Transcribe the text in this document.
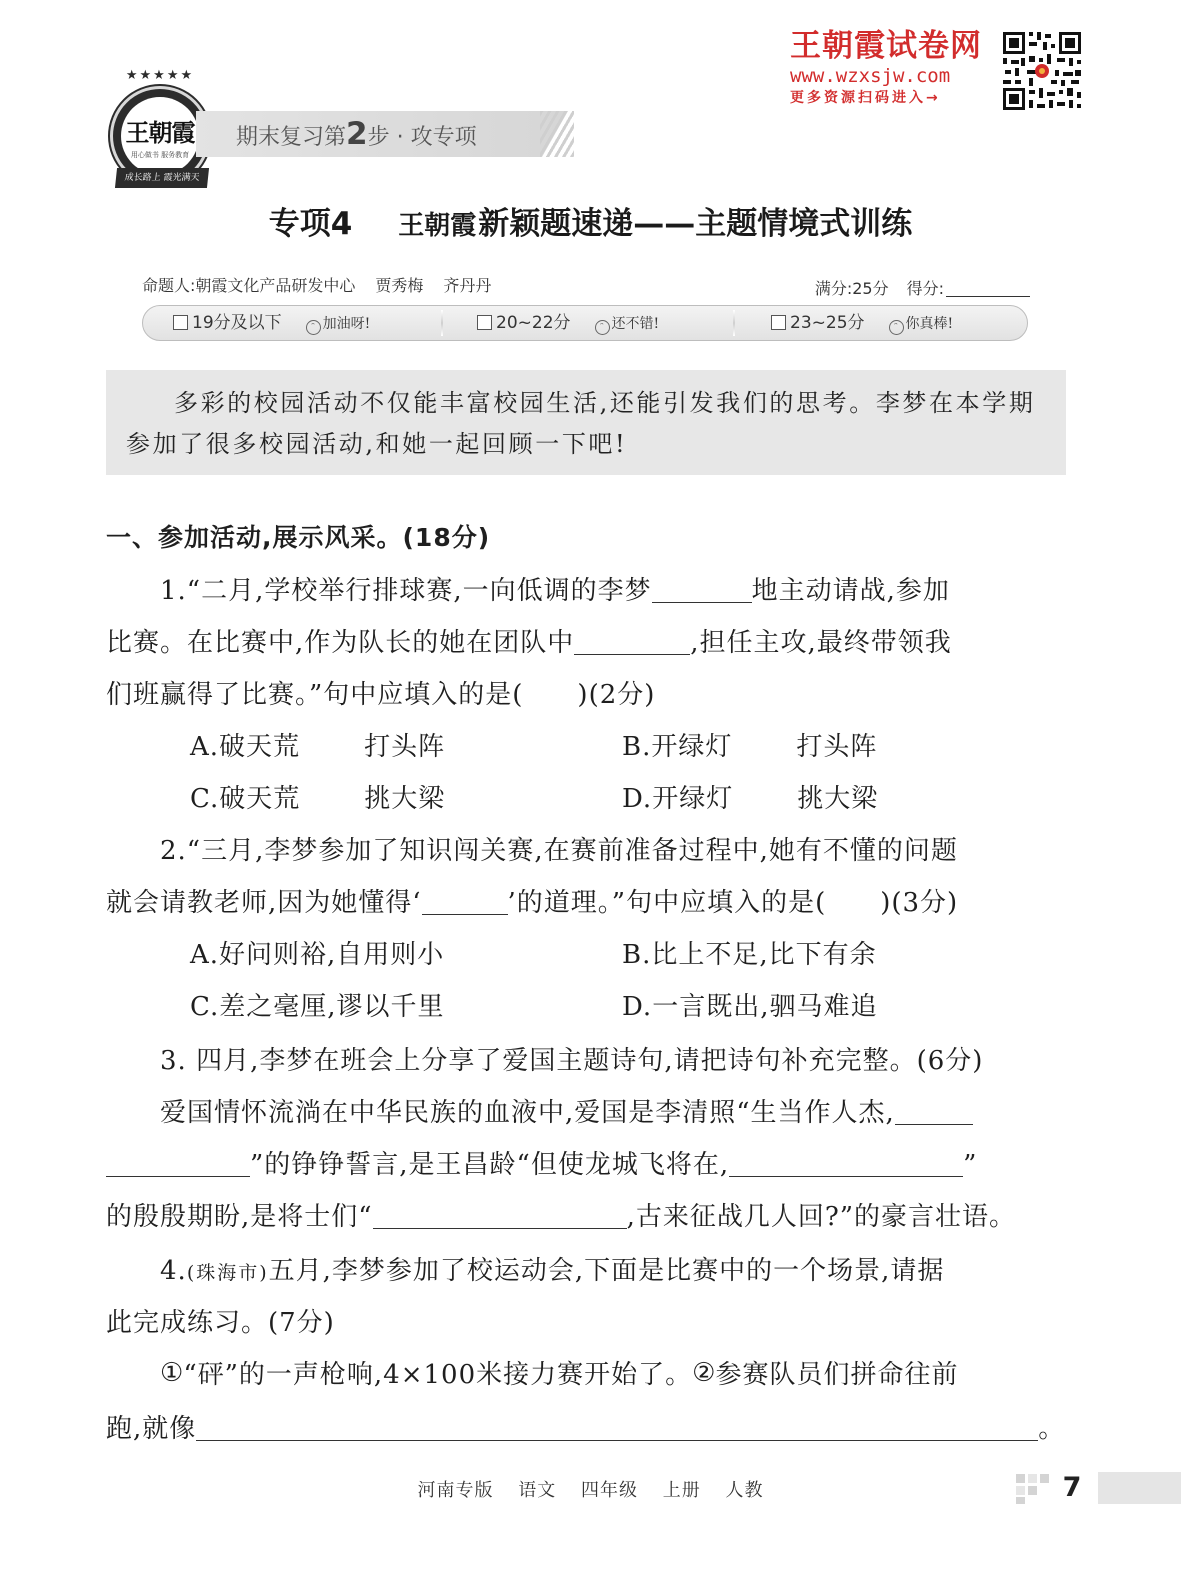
★★★★★
王朝霞
用心做书 服务教育
成长路上 霞光满天
期末复习第2步 · 攻专项
王朝霞试卷网
www.wzxsjw.com
更多资源扫码进入→
专项4 王朝霞新颖题速递——主题情境式训练
命题人:朝霞文化产品研发中心 贾秀梅 齐丹丹	满分:25分 得分:
19分及以下	ᵔ 加油呀!	20~22分	ᵔ 还不错!	23~25分	ᵔ 你真棒!
多彩的校园活动不仅能丰富校园生活,还能引发我们的思考。李梦在本学期参加了很多校园活动,和她一起回顾一下吧!
一、参加活动,展示风采。(18分)
1.“二月,学校举行排球赛,一向低调的李梦	地主动请战,参加
比赛。在比赛中,作为队长的她在团队中	,担任主攻,最终带领我
们班赢得了比赛。”句中应填入的是(　　)(2分)
A.破天荒 打头阵	B.开绿灯 打头阵
C.破天荒 挑大梁	D.开绿灯 挑大梁
2.“三月,李梦参加了知识闯关赛,在赛前准备过程中,她有不懂的问题
就会请教老师,因为她懂得‘	’的道理。”句中应填入的是(　　)(3分)
A.好问则裕,自用则小	B.比上不足,比下有余
C.差之毫厘,谬以千里	D.一言既出,驷马难追
3. 四月,李梦在班会上分享了爱国主题诗句,请把诗句补充完整。(6分)
爱国情怀流淌在中华民族的血液中,爱国是李清照“生当作人杰,
”的铮铮誓言,是王昌龄“但使龙城飞将在,	”
的殷殷期盼,是将士们“	,古来征战几人回?”的豪言壮语。
4.(珠海市)五月,李梦参加了校运动会,下面是比赛中的一个场景,请据
此完成练习。(7分)
①“砰”的一声枪响,4×100米接力赛开始了。②参赛队员们拼命往前
跑,就像	。
河南专版 语文 四年级 上册 人教	7
